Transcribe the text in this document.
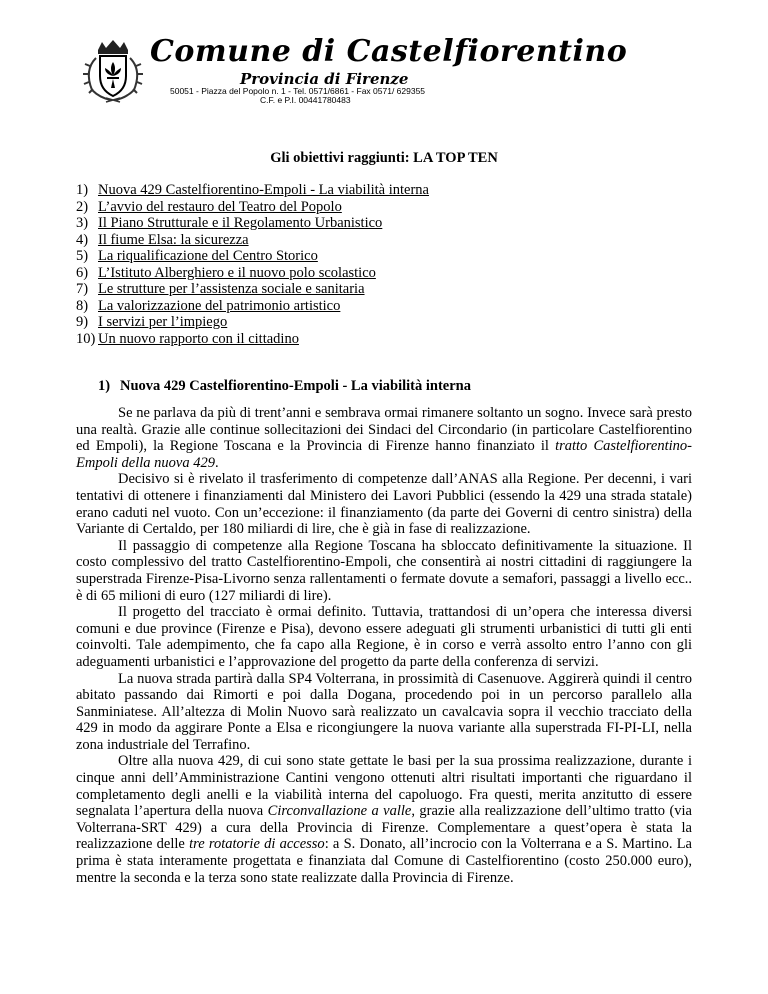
Comune di Castelfiorentino
Provincia di Firenze
50051 - Piazza del Popolo n. 1 - Tel. 0571/6861 - Fax 0571/ 629355
C.F. e P.I. 00441780483
Gli obiettivi raggiunti: LA TOP TEN
1) Nuova 429 Castelfiorentino-Empoli - La viabilità interna
2) L’avvio del restauro del Teatro del Popolo
3) Il Piano Strutturale e il Regolamento Urbanistico
4) Il fiume Elsa: la sicurezza
5) La riqualificazione del Centro Storico
6) L’Istituto Alberghiero e il nuovo polo scolastico
7) Le strutture per l’assistenza sociale e sanitaria
8) La valorizzazione del patrimonio artistico
9) I servizi per l’impiego
10) Un nuovo rapporto con il cittadino
1) Nuova 429 Castelfiorentino-Empoli - La viabilità interna

Se ne parlava da più di trent’anni e sembrava ormai rimanere soltanto un sogno. Invece sarà presto una realtà. Grazie alle continue sollecitazioni dei Sindaci del Circondario (in particolare Castelfiorentino ed Empoli), la Regione Toscana e la Provincia di Firenze hanno finanziato il tratto Castelfiorentino-Empoli della nuova 429.

Decisivo si è rivelato il trasferimento di competenze dall’ANAS alla Regione. Per decenni, i vari tentativi di ottenere i finanziamenti dal Ministero dei Lavori Pubblici (essendo la 429 una strada statale) erano caduti nel vuoto. Con un’eccezione: il finanziamento (da parte dei Governi di centro sinistra) della Variante di Certaldo, per 180 miliardi di lire, che è già in fase di realizzazione.

Il passaggio di competenze alla Regione Toscana ha sbloccato definitivamente la situazione. Il costo complessivo del tratto Castelfiorentino-Empoli, che consentirà ai nostri cittadini di raggiungere la superstrada Firenze-Pisa-Livorno senza rallentamenti o fermate dovute a semafori, passaggi a livello ecc.. è di 65 milioni di euro (127 miliardi di lire).

Il progetto del tracciato è ormai definito. Tuttavia, trattandosi di un’opera che interessa diversi comuni e due province (Firenze e Pisa), devono essere adeguati gli strumenti urbanistici di tutti gli enti coinvolti. Tale adempimento, che fa capo alla Regione, è in corso e verrà assolto entro l’anno con gli adeguamenti urbanistici e l’approvazione del progetto da parte della conferenza di servizi.

La nuova strada partirà dalla SP4 Volterrana, in prossimità di Casenuove. Aggirerà quindi il centro abitato passando dai Rimorti e poi dalla Dogana, procedendo poi in un percorso parallelo alla Sanminiatese. All’altezza di Molin Nuovo sarà realizzato un cavalcavia sopra il vecchio tracciato della 429 in modo da aggirare Ponte a Elsa e ricongiungere la nuova variante alla superstrada FI-PI-LI, nella zona industriale del Terrafino.

Oltre alla nuova 429, di cui sono state gettate le basi per la sua prossima realizzazione, durante i cinque anni dell’Amministrazione Cantini vengono ottenuti altri risultati importanti che riguardano il completamento degli anelli e la viabilità interna del capoluogo. Fra questi, merita anzitutto di essere segnalata l’apertura della nuova Circonvallazione a valle, grazie alla realizzazione dell’ultimo tratto (via Volterrana-SRT 429) a cura della Provincia di Firenze. Complementare a quest’opera è stata la realizzazione delle tre rotatorie di accesso: a S. Donato, all’incrocio con la Volterrana e a S. Martino. La prima è stata interamente progettata e finanziata dal Comune di Castelfiorentino (costo 250.000 euro), mentre la seconda e la terza sono state realizzate dalla Provincia di Firenze.
